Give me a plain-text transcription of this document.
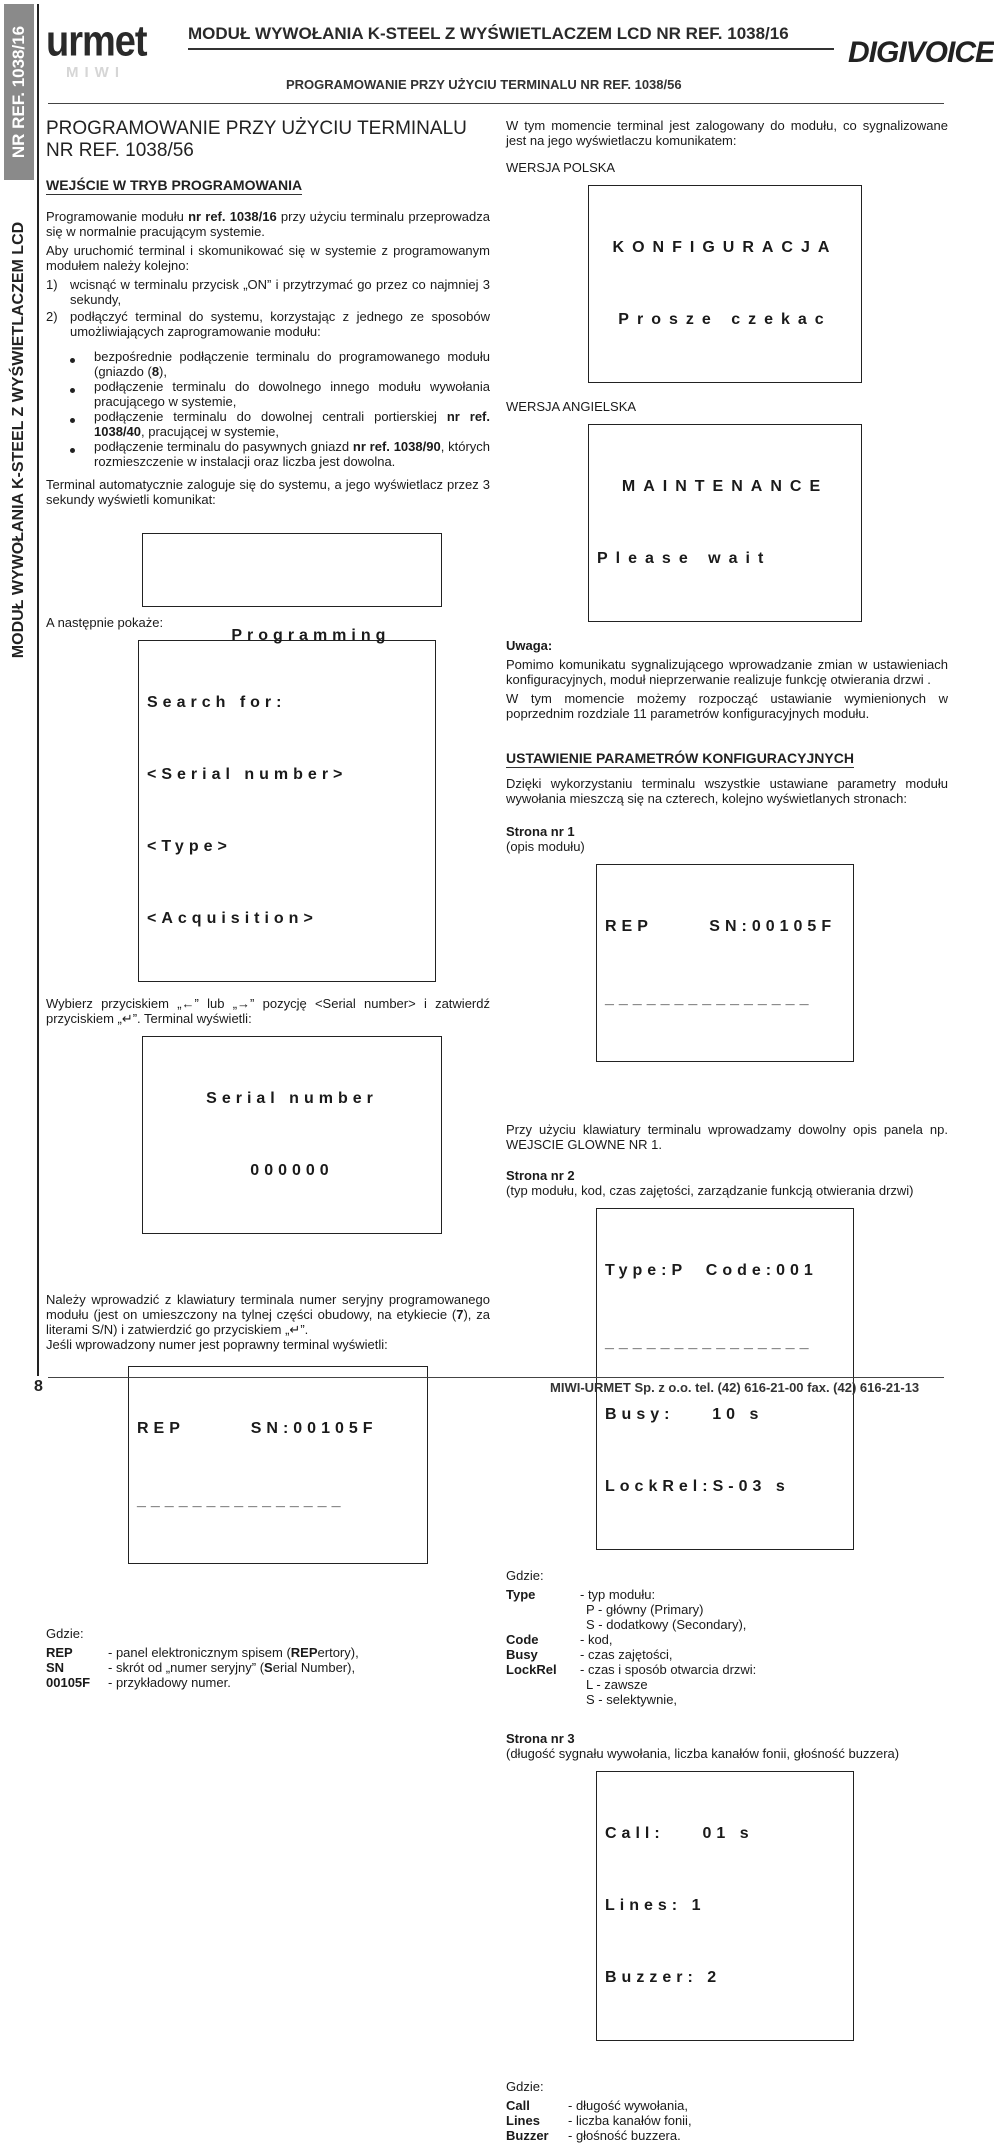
NR REF. 1038/16
MODUŁ WYWOŁANIA K-STEEL Z WYŚWIETLACZEM LCD
urmet
MIWI
MODUŁ WYWOŁANIA K-STEEL Z WYŚWIETLACZEM LCD NR REF. 1038/16
DIGIVOICE
PROGRAMOWANIE PRZY UŻYCIU TERMINALU NR REF. 1038/56
PROGRAMOWANIE PRZY UŻYCIU TERMINALU
NR REF. 1038/56
WEJŚCIE W TRYB PROGRAMOWANIA

Programowanie modułu nr ref. 1038/16 przy użyciu terminalu przeprowadza się w normalnie pracującym systemie.

Aby uruchomić terminal i skomunikować się w systemie z programowanym modułem należy kolejno:

1) wcisnąć w terminalu przycisk „ON” i przytrzymać go przez co najmniej 3 sekundy,
2) podłączyć terminal do systemu, korzystając z jednego ze sposobów umożliwiających zaprogramowanie modułu:
bezpośrednie podłączenie terminalu do programowanego modułu (gniazdo (8),
podłączenie terminalu do dowolnego innego modułu wywołania pracującego w systemie,
podłączenie terminalu do dowolnej centrali portierskiej nr ref. 1038/40, pracującej w systemie,
podłączenie terminalu do pasywnych gniazd nr ref. 1038/90, których rozmieszczenie w instalacji oraz liczba jest dowolna.

Terminal automatycznie zaloguje się do systemu, a jego wyświetlacz przez 3 sekundy wyświetli komunikat:

Programming

A następnie pokaże:

Search for:

<Serial number>

<Type>

<Acquisition>

Wybierz przyciskiem „←” lub „→” pozycję <Serial number> i zatwierdź przyciskiem „↵”. Terminal wyświetli:

Serial number

000000

Należy wprowadzić z klawiatury terminala numer seryjny programowanego modułu (jest on umieszczony na tylnej części obudowy, na etykiecie (7), za literami S/N) i zatwierdzić go przyciskiem „↵”.

Jeśli wprowadzony numer jest poprawny terminal wyświetli:

REP       SN:00105F

_______________

Gdzie:

REP	- panel elektronicznym spisem (REPertory),
SN	- skrót od „numer seryjny” (Serial Number),
00105F	- przykładowy numer.

W tym momencie terminal jest zalogowany do modułu, co sygnalizowane jest na jego wyświetlaczu komunikatem:

WERSJA POLSKA

KONFIGURACJA

Prosze czekac

WERSJA ANGIELSKA

MAINTENANCE

Please wait

Uwaga:

Pomimo komunikatu sygnalizującego wprowadzanie zmian w ustawieniach konfiguracyjnych, moduł nieprzerwanie realizuje funkcję otwierania drzwi .

W tym momencie możemy rozpocząć ustawianie wymienionych w poprzednim rozdziale 11 parametrów konfiguracyjnych modułu.

USTAWIENIE PARAMETRÓW KONFIGURACYJNYCH

Dzięki wykorzystaniu terminalu wszystkie ustawiane parametry modułu wywołania mieszczą się na czterech, kolejno wyświetlanych stronach:

Strona nr 1

(opis modułu)

REP      SN:00105F

_______________

Przy użyciu klawiatury terminalu wprowadzamy dowolny opis panela np. WEJSCIE GLOWNE NR 1.

Strona nr 2

(typ modułu, kod, czas zajętości, zarządzanie funkcją otwierania drzwi)

Type:P  Code:001

_______________

Busy:    10 s

LockRel:S-03 s

Gdzie:

Type	- typ modułu:
P - główny (Primary)
S - dodatkowy (Secondary),
Code	- kod,
Busy	- czas zajętości,
LockRel	- czas i sposób otwarcia drzwi:
L - zawsze
S - selektywnie,

Strona nr 3

(długość sygnału wywołania, liczba kanałów fonii, głośność buzzera)

Call:    01 s

Lines: 1

Buzzer: 2

Gdzie:

Call	- długość wywołania,
Lines	- liczba kanałów fonii,
Buzzer	- głośność buzzera.
8	MIWI-URMET Sp. z o.o. tel. (42) 616-21-00 fax. (42) 616-21-13
